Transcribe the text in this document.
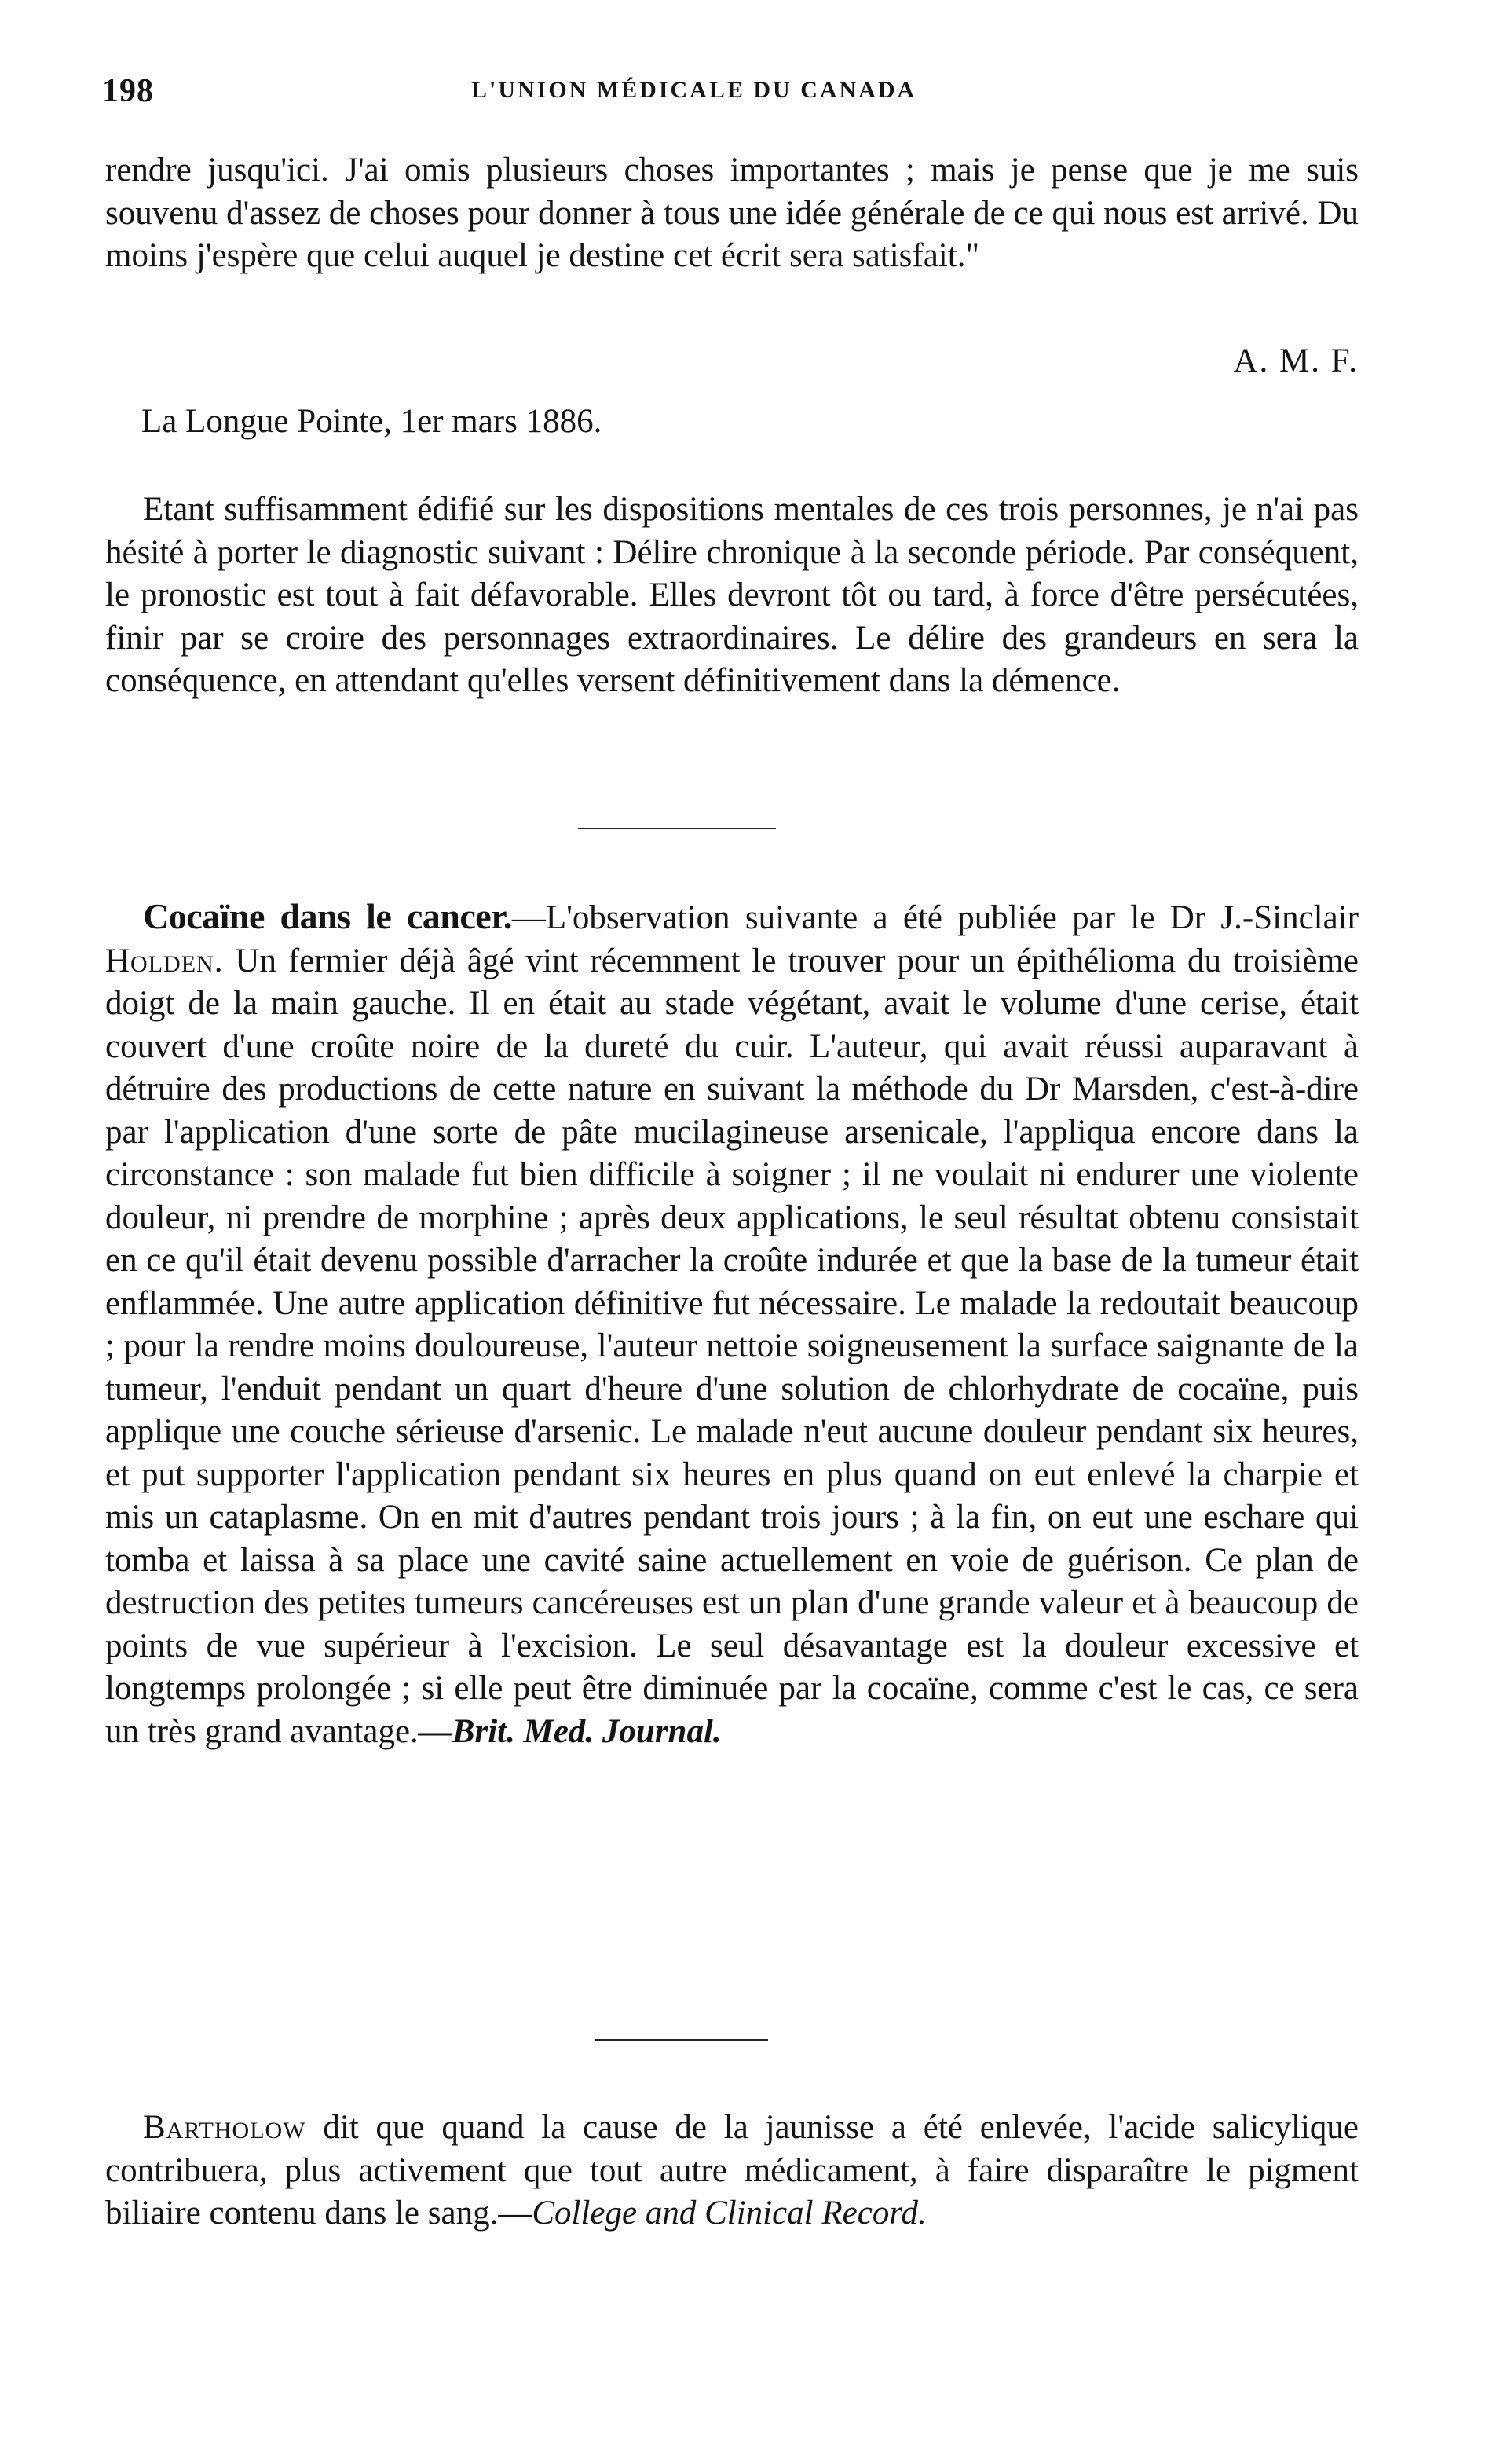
198	L'UNION MÉDICALE DU CANADA

rendre jusqu'ici. J'ai omis plusieurs choses importantes ; mais je pense que je me suis souvenu d'assez de choses pour donner à tous une idée générale de ce qui nous est arrivé. Du moins j'espère que celui auquel je destine cet écrit sera satisfait."

A. M. F.
La Longue Pointe, 1er mars 1886.

Etant suffisamment édifié sur les dispositions mentales de ces trois personnes, je n'ai pas hésité à porter le diagnostic suivant : Délire chronique à la seconde période. Par conséquent, le pronostic est tout à fait défavorable. Elles devront tôt ou tard, à force d'être persécutées, finir par se croire des personnages extraordinaires. Le délire des grandeurs en sera la conséquence, en attendant qu'elles versent définitivement dans la démence.

Cocaïne dans le cancer.—L'observation suivante a été publiée par le Dr J.-Sinclair Holden. Un fermier déjà âgé vint récemment le trouver pour un épithélioma du troisième doigt de la main gauche. Il en était au stade végétant, avait le volume d'une cerise, était couvert d'une croûte noire de la dureté du cuir. L'auteur, qui avait réussi auparavant à détruire des productions de cette nature en suivant la méthode du Dr Marsden, c'est-à-dire par l'application d'une sorte de pâte mucilagineuse arsenicale, l'appliqua encore dans la circonstance : son malade fut bien difficile à soigner ; il ne voulait ni endurer une violente douleur, ni prendre de morphine ; après deux applications, le seul résultat obtenu consistait en ce qu'il était devenu possible d'arracher la croûte indurée et que la base de la tumeur était enflammée. Une autre application définitive fut nécessaire. Le malade la redoutait beaucoup ; pour la rendre moins douloureuse, l'auteur nettoie soigneusement la surface saignante de la tumeur, l'enduit pendant un quart d'heure d'une solution de chlorhydrate de cocaïne, puis applique une couche sérieuse d'arsenic. Le malade n'eut aucune douleur pendant six heures, et put supporter l'application pendant six heures en plus quand on eut enlevé la charpie et mis un cataplasme. On en mit d'autres pendant trois jours ; à la fin, on eut une eschare qui tomba et laissa à sa place une cavité saine actuellement en voie de guérison. Ce plan de destruction des petites tumeurs cancéreuses est un plan d'une grande valeur et à beaucoup de points de vue supérieur à l'excision. Le seul désavantage est la douleur excessive et longtemps prolongée ; si elle peut être diminuée par la cocaïne, comme c'est le cas, ce sera un très grand avantage.—Brit. Med. Journal.

Bartholow dit que quand la cause de la jaunisse a été enlevée, l'acide salicylique contribuera, plus activement que tout autre médicament, à faire disparaître le pigment biliaire contenu dans le sang.—College and Clinical Record.
